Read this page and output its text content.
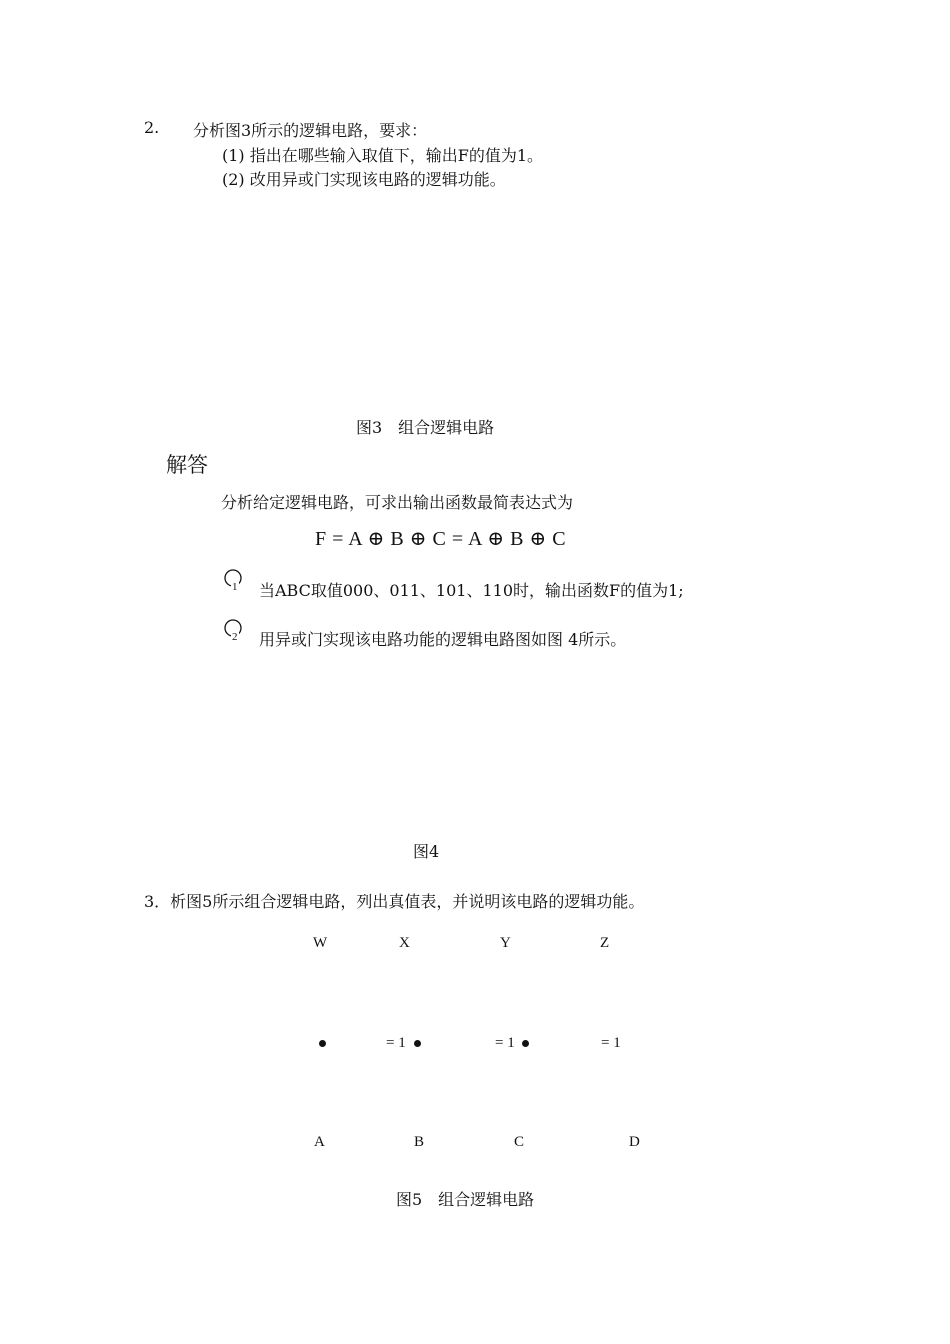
2. 分析图3所示的逻辑电路，要求：
(1) 指出在哪些输入取值下，输出F的值为1。
(2) 改用异或门实现该电路的逻辑功能。
图3　组合逻辑电路
解答
分析给定逻辑电路，可求出输出函数最简表达式为
F = A ⊕ B ⊕ C = A ⊕ B ⊕ C
1 当ABC取值000、011、101、110时，输出函数F的值为1;
2 用异或门实现该电路功能的逻辑电路图如图 4所示。
图4
3．析图5所示组合逻辑电路，列出真值表，并说明该电路的逻辑功能。
W	X	Y	Z
= 1	= 1	= 1
A	B	C	D
图5　组合逻辑电路
